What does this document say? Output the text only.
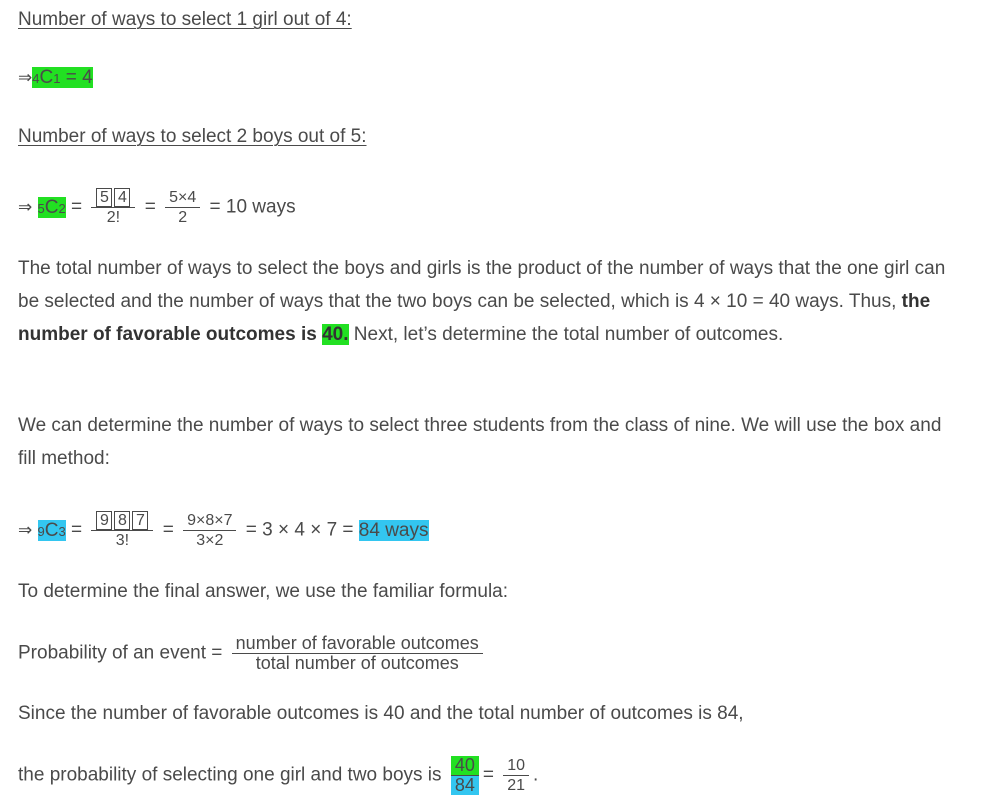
Number of ways to select 1 girl out of 4:
⇒4C1 = 4
Number of ways to select 2 boys out of 5:
⇒ $5C2 = \frac{5 4}{2!} = \frac{5\times 4}{2} = 10$ ways
The total number of ways to select the boys and girls is the product of the number of ways that the one girl can be selected and the number of ways that the two boys can be selected, which is 4 × 10 = 40 ways. Thus, the number of favorable outcomes is 40. Next, let’s determine the total number of outcomes.
We can determine the number of ways to select three students from the class of nine. We will use the box and fill method:
⇒ $9C3 = \frac{9 8 7}{3!} = \frac{9\times 8\times 7}{3\times 2} = 3 \times 4 \times 7 = 84$ ways
To determine the final answer, we use the familiar formula:
Probability of an event = $\frac{\text{number of favorable outcomes}}{\text{total number of outcomes}}$
Since the number of favorable outcomes is 40 and the total number of outcomes is 84,
the probability of selecting one girl and two boys is $\frac{40}{84} = \frac{10}{21}$ .
